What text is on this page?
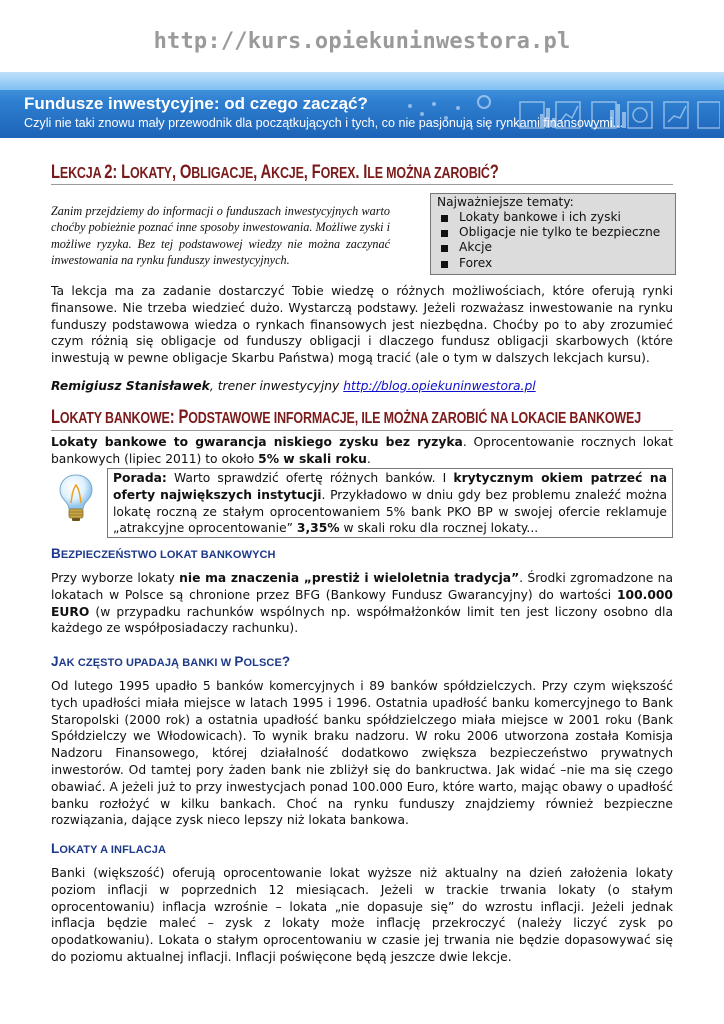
http://kurs.opiekuninwestora.pl
Fundusze inwestycyjne: od czego zacząć?
Czyli nie taki znowu mały przewodnik dla początkujących i tych, co nie pasjonują się rynkami finansowymi...
LEKCJA 2: LOKATY, OBLIGACJE, AKCJE, FOREX. ILE MOŻNA ZAROBIĆ?
Zanim przejdziemy do informacji o funduszach inwestycyjnych warto choćby pobieżnie poznać inne sposoby inwestowania. Możliwe zyski i możliwe ryzyka. Bez tej podstawowej wiedzy nie można zaczynać inwestowania na rynku funduszy inwestycyjnych.
Najważniejsze tematy:
Lokaty bankowe i ich zyski
Obligacje nie tylko te bezpieczne
Akcje
Forex
Ta lekcja ma za zadanie dostarczyć Tobie wiedzę o różnych możliwościach, które oferują rynki finansowe. Nie trzeba wiedzieć dużo. Wystarczą podstawy. Jeżeli rozważasz inwestowanie na rynku funduszy podstawowa wiedza o rynkach finansowych jest niezbędna. Choćby po to aby zrozumieć czym różnią się obligacje od funduszy obligacji i dlaczego fundusz obligacji skarbowych (które inwestują w pewne obligacje Skarbu Państwa) mogą tracić (ale o tym w dalszych lekcjach kursu).
Remigiusz Stanisławek, trener inwestycyjny http://blog.opiekuninwestora.pl
LOKATY BANKOWE: PODSTAWOWE INFORMACJE, ILE MOŻNA ZAROBIĆ NA LOKACIE BANKOWEJ
Lokaty bankowe to gwarancja niskiego zysku bez ryzyka. Oprocentowanie rocznych lokat bankowych (lipiec 2011) to około 5% w skali roku.
Porada: Warto sprawdzić ofertę różnych banków. I krytycznym okiem patrzeć na oferty największych instytucji. Przykładowo w dniu gdy bez problemu znaleźć można lokatę roczną ze stałym oprocentowaniem 5% bank PKO BP w swojej ofercie reklamuje „atrakcyjne oprocentowanie” 3,35% w skali roku dla rocznej lokaty...
BEZPIECZEŃSTWO LOKAT BANKOWYCH
Przy wyborze lokaty nie ma znaczenia „prestiż i wieloletnia tradycja”. Środki zgromadzone na lokatach w Polsce są chronione przez BFG (Bankowy Fundusz Gwarancyjny) do wartości 100.000 EURO (w przypadku rachunków wspólnych np. współmałżonków limit ten jest liczony osobno dla każdego ze współposiadaczy rachunku).
JAK CZĘSTO UPADAJĄ BANKI W POLSCE?
Od lutego 1995 upadło 5 banków komercyjnych i 89 banków spółdzielczych. Przy czym większość tych upadłości miała miejsce w latach 1995 i 1996. Ostatnia upadłość banku komercyjnego to Bank Staropolski (2000 rok) a ostatnia upadłość banku spółdzielczego miała miejsce w 2001 roku (Bank Spółdzielczy we Włodowicach). To wynik braku nadzoru. W roku 2006 utworzona została Komisja Nadzoru Finansowego, której działalność dodatkowo zwiększa bezpieczeństwo prywatnych inwestorów. Od tamtej pory żaden bank nie zbliżył się do bankructwa. Jak widać –nie ma się czego obawiać. A jeżeli już to przy inwestycjach ponad 100.000 Euro, które warto, mając obawy o upadłość banku rozłożyć w kilku bankach. Choć na rynku funduszy znajdziemy również bezpieczne rozwiązania, dające zysk nieco lepszy niż lokata bankowa.
LOKATY A INFLACJA
Banki (większość) oferują oprocentowanie lokat wyższe niż aktualny na dzień założenia lokaty poziom inflacji w poprzednich 12 miesiącach. Jeżeli w trackie trwania lokaty (o stałym oprocentowaniu) inflacja wzrośnie – lokata „nie dopasuje się” do wzrostu inflacji. Jeżeli jednak inflacja będzie maleć – zysk z lokaty może inflację przekroczyć (należy liczyć zysk po opodatkowaniu). Lokata o stałym oprocentowaniu w czasie jej trwania nie będzie dopasowywać się do poziomu aktualnej inflacji. Inflacji poświęcone będą jeszcze dwie lekcje.
